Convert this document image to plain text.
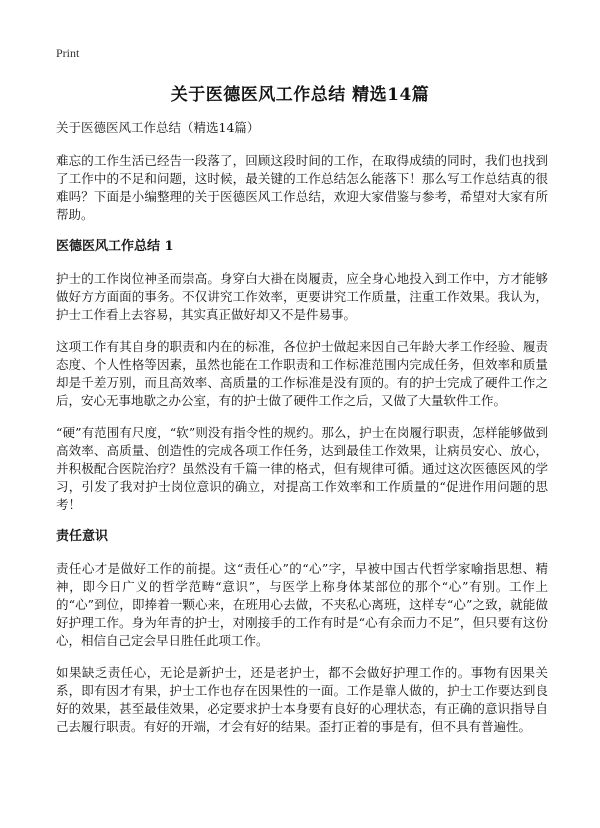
Print
关于医德医风工作总结 精选14篇
关于医德医风工作总结（精选14篇）

难忘的工作生活已经告一段落了，回顾这段时间的工作，在取得成绩的同时，我们也找到了工作中的不足和问题，这时候，最关键的工作总结怎么能落下！那么写工作总结真的很难吗？下面是小编整理的关于医德医风工作总结，欢迎大家借鉴与参考，希望对大家有所帮助。

医德医风工作总结 1

护士的工作岗位神圣而崇高。身穿白大褂在岗履责，应全身心地投入到工作中，方才能够做好方方面面的事务。不仅讲究工作效率，更要讲究工作质量，注重工作效果。我认为，护士工作看上去容易，其实真正做好却又不是件易事。

这项工作有其自身的职责和内在的标准，各位护士做起来因自己年龄大孝工作经验、履责态度、个人性格等因素，虽然也能在工作职责和工作标准范围内完成任务，但效率和质量却是千差万别，而且高效率、高质量的工作标准是没有顶的。有的护士完成了硬件工作之后，安心无事地歇之办公室，有的护士做了硬件工作之后，又做了大量软件工作。

“硬”有范围有尺度，“软”则没有指令性的规约。那么，护士在岗履行职责，怎样能够做到高效率、高质量、创造性的完成各项工作任务，达到最佳工作效果，让病员安心、放心，并积极配合医院治疗？虽然没有千篇一律的格式，但有规律可循。通过这次医德医风的学习，引发了我对护士岗位意识的确立，对提高工作效率和工作质量的“促进作用问题的思考！

责任意识

责任心才是做好工作的前提。这“责任心”的“心”字，早被中国古代哲学家喻指思想、精神，即今日广义的哲学范畴“意识”，与医学上称身体某部位的那个“心”有别。工作上的“心”到位，即捧着一颗心来，在班用心去做，不夹私心离班，这样专“心”之致，就能做好护理工作。身为年青的护士，对刚接手的工作有时是“心有余而力不足”，但只要有这份心，相信自己定会早日胜任此项工作。

如果缺乏责任心，无论是新护士，还是老护士，都不会做好护理工作的。事物有因果关系，即有因才有果，护士工作也存在因果性的一面。工作是靠人做的，护士工作要达到良好的效果，甚至最佳效果，必定要求护士本身要有良好的心理状态，有正确的意识指导自己去履行职责。有好的开端，才会有好的结果。歪打正着的事是有，但不具有普遍性。
